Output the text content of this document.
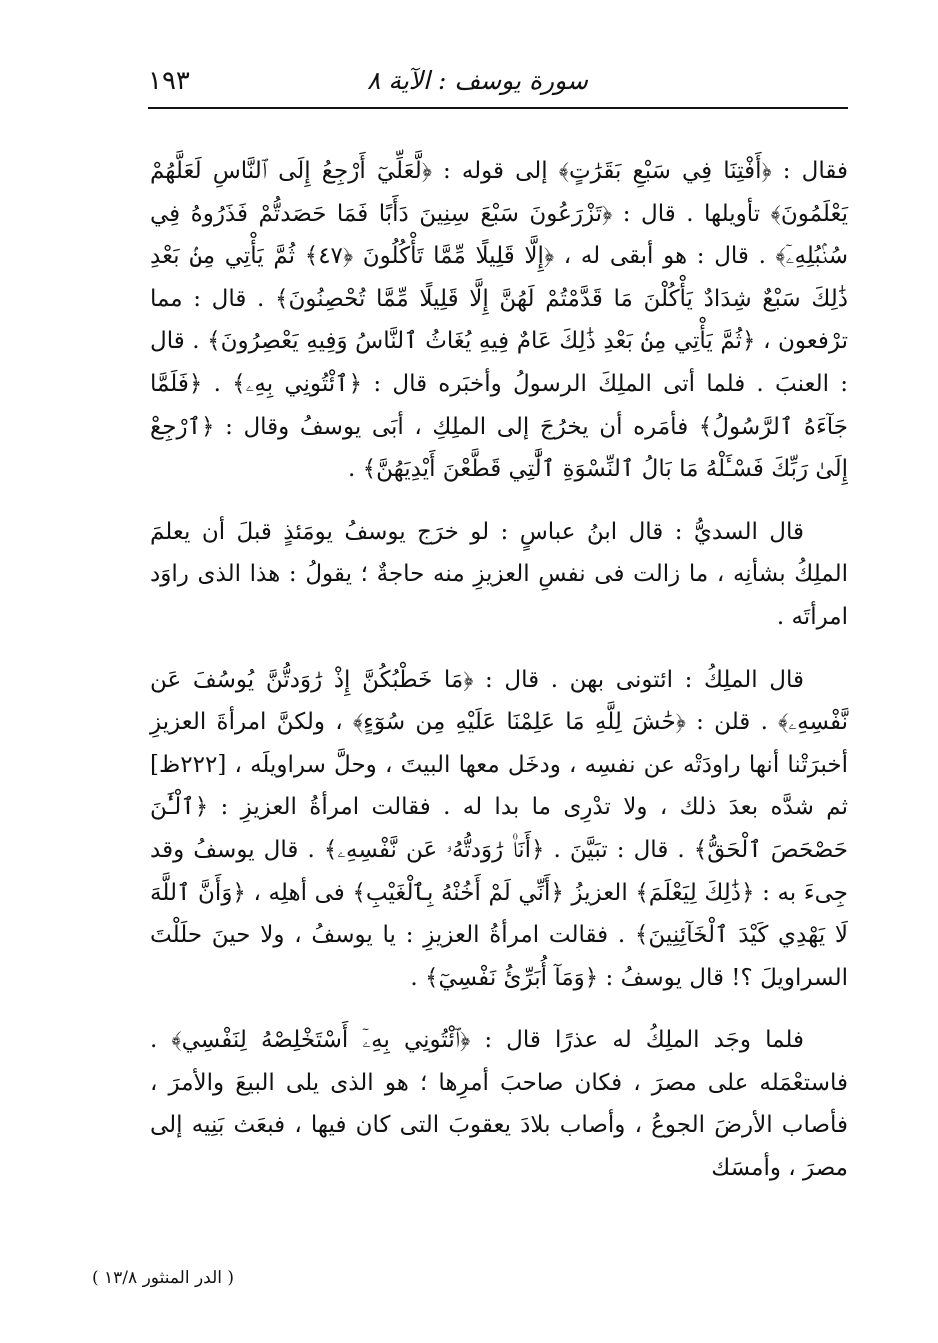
سورة يوسف : الآية ٨
١٩٣

فقال : ﴿أَفْتِنَا فِي سَبْعِ بَقَرَٰتٍ﴾ إلى قوله : ﴿لَّعَلِّيٓ أَرْجِعُ إِلَى ٱلنَّاسِ لَعَلَّهُمْ يَعْلَمُونَ﴾ تأويلها . قال : ﴿تَزْرَعُونَ سَبْعَ سِنِينَ دَأَبًا فَمَا حَصَدتُّمْ فَذَرُوهُ فِي سُنۢبُلِهِۦٓ﴾ . قال : هو أبقى له ، ﴿إِلَّا قَلِيلًا مِّمَّا تَأْكُلُونَ ﴿٤٧﴾ ثُمَّ يَأْتِي مِنۢ بَعْدِ ذَٰلِكَ سَبْعٌ شِدَادٌ يَأْكُلْنَ مَا قَدَّمْتُمْ لَهُنَّ إِلَّا قَلِيلًا مِّمَّا تُحْصِنُونَ﴾ . قال : مما ترْفعون ، ﴿ثُمَّ يَأْتِي مِنۢ بَعْدِ ذَٰلِكَ عَامٌ فِيهِ يُغَاثُ ٱلنَّاسُ وَفِيهِ يَعْصِرُونَ﴾ . قال : العنبَ . فلما أتى الملِكَ الرسولُ وأخبَره قال : ﴿ٱئْتُونِي بِهِۦ﴾ . ﴿فَلَمَّا جَآءَهُ ٱلرَّسُولُ﴾ فأمَره أن يخرُجَ إلى الملِكِ ، أبَى يوسفُ وقال : ﴿ٱرْجِعْ إِلَىٰ رَبِّكَ فَسْـَٔلْهُ مَا بَالُ ٱلنِّسْوَةِ ٱلَّٰتِي قَطَّعْنَ أَيْدِيَهُنَّ﴾ .

قال السديُّ : قال ابنُ عباسٍ : لو خرَج يوسفُ يومَئذٍ قبلَ أن يعلمَ الملِكُ بشأنِه ، ما زالت فى نفسِ العزيزِ منه حاجةٌ ؛ يقولُ : هذا الذى راوَد امرأتَه .

قال الملِكُ : ائتونى بهن . قال : ﴿مَا خَطْبُكُنَّ إِذْ رَٰوَدتُّنَّ يُوسُفَ عَن نَّفْسِهِۦ﴾ . قلن : ﴿حَٰشَ لِلَّهِ مَا عَلِمْنَا عَلَيْهِ مِن سُوٓءٍ﴾ ، ولكنَّ امرأةَ العزيزِ أخبرَتْنا أنها راودَتْه عن نفسِه ، ودخَل معها البيتَ ، وحلَّ سراويلَه ، [٢٢٢ظ] ثم شدَّه بعدَ ذلك ، ولا تدْرِى ما بدا له . فقالت امرأةُ العزيزِ : ﴿ٱلْـَٰٔنَ حَصْحَصَ ٱلْحَقُّ﴾ . قال : تبَيَّنَ . ﴿أَنَا۠ رَٰوَدتُّهُۥ عَن نَّفْسِهِۦ﴾ . قال يوسفُ وقد جِىءَ به : ﴿ذَٰلِكَ لِيَعْلَمَ﴾ العزيزُ ﴿أَنِّي لَمْ أَخُنْهُ بِٱلْغَيْبِ﴾ فى أهلِه ، ﴿وَأَنَّ ٱللَّهَ لَا يَهْدِي كَيْدَ ٱلْخَآئِنِينَ﴾ . فقالت امرأةُ العزيزِ : يا يوسفُ ، ولا حينَ حلَلْتَ السراويلَ ؟! قال يوسفُ : ﴿وَمَآ أُبَرِّئُ نَفْسِيٓ﴾ .

فلما وجَد الملِكُ له عذرًا قال : ﴿ٱئْتُونِي بِهِۦٓ أَسْتَخْلِصْهُ لِنَفْسِي﴾ . فاستعْمَله على مصرَ ، فكان صاحبَ أمرِها ؛ هو الذى يلى البيعَ والأمرَ ، فأصاب الأرضَ الجوعُ ، وأصاب بلادَ يعقوبَ التى كان فيها ، فبعَث بَنِيه إلى مصرَ ، وأمسَك

( الدر المنثور ١٣/٨ )
